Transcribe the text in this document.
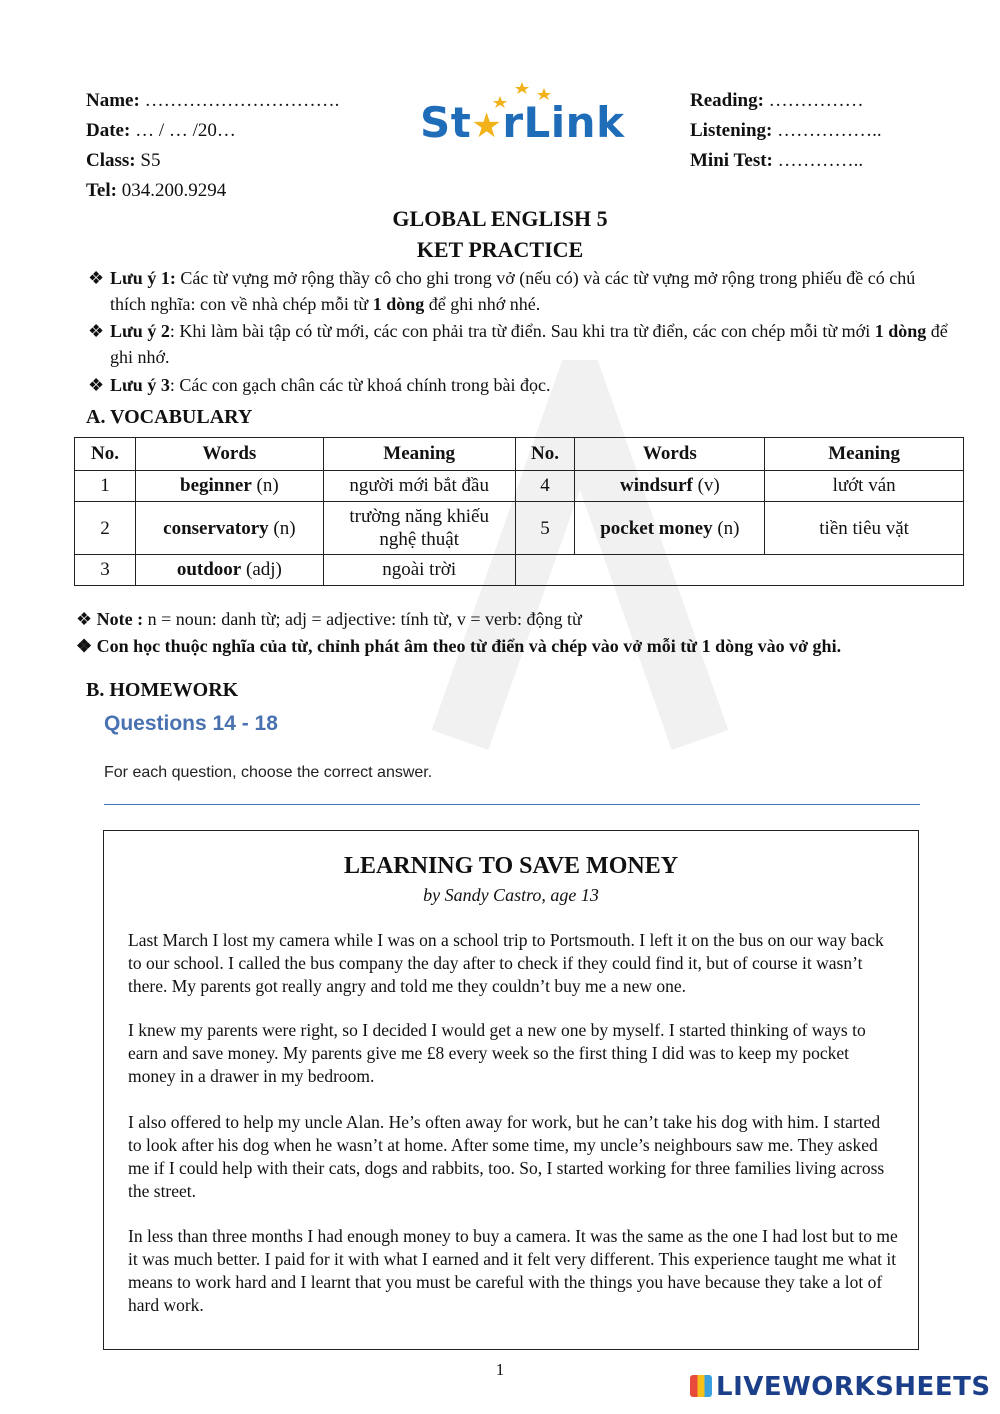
Name: ………………………….
Date: … / … /20…
Class: S5
Tel: 034.200.9294
St★rLink	Reading: ……………
Listening: ……………..
Mini Test: …………..
GLOBAL ENGLISH 5
KET PRACTICE
❖ Lưu ý 1: Các từ vựng mở rộng thầy cô cho ghi trong vở (nếu có) và các từ vựng mở rộng trong phiếu đề có chú thích nghĩa: con về nhà chép mỗi từ 1 dòng để ghi nhớ nhé.
❖ Lưu ý 2: Khi làm bài tập có từ mới, các con phải tra từ điển. Sau khi tra từ điển, các con chép mỗi từ mới 1 dòng để ghi nhớ.
❖ Lưu ý 3: Các con gạch chân các từ khoá chính trong bài đọc.
A. VOCABULARY
No.	Words	Meaning	No.	Words	Meaning
1	beginner (n)	người mới bắt đầu	4	windsurf (v)	lướt ván
2	conservatory (n)	trường năng khiếu nghệ thuật	5	pocket money (n)	tiền tiêu vặt
3	outdoor (adj)	ngoài trời			
❖ Note : n = noun: danh từ; adj = adjective: tính từ, v = verb: động từ
❖ Con học thuộc nghĩa của từ, chỉnh phát âm theo từ điển và chép vào vở mỗi từ 1 dòng vào vở ghi.
B. HOMEWORK
Questions 14 - 18
For each question, choose the correct answer.
LEARNING TO SAVE MONEY
by Sandy Castro, age 13
Last March I lost my camera while I was on a school trip to Portsmouth. I left it on the bus on our way back to our school. I called the bus company the day after to check if they could find it, but of course it wasn’t there. My parents got really angry and told me they couldn’t buy me a new one.
I knew my parents were right, so I decided I would get a new one by myself. I started thinking of ways to earn and save money. My parents give me £8 every week so the first thing I did was to keep my pocket money in a drawer in my bedroom.
I also offered to help my uncle Alan. He’s often away for work, but he can’t take his dog with him. I started to look after his dog when he wasn’t at home. After some time, my uncle’s neighbours saw me. They asked me if I could help with their cats, dogs and rabbits, too. So, I started working for three families living across the street.
In less than three months I had enough money to buy a camera. It was the same as the one I had lost but to me it was much better. I paid for it with what I earned and it felt very different. This experience taught me what it means to work hard and I learnt that you must be careful with the things you have because they take a lot of hard work.
1
LIVEWORKSHEETS
